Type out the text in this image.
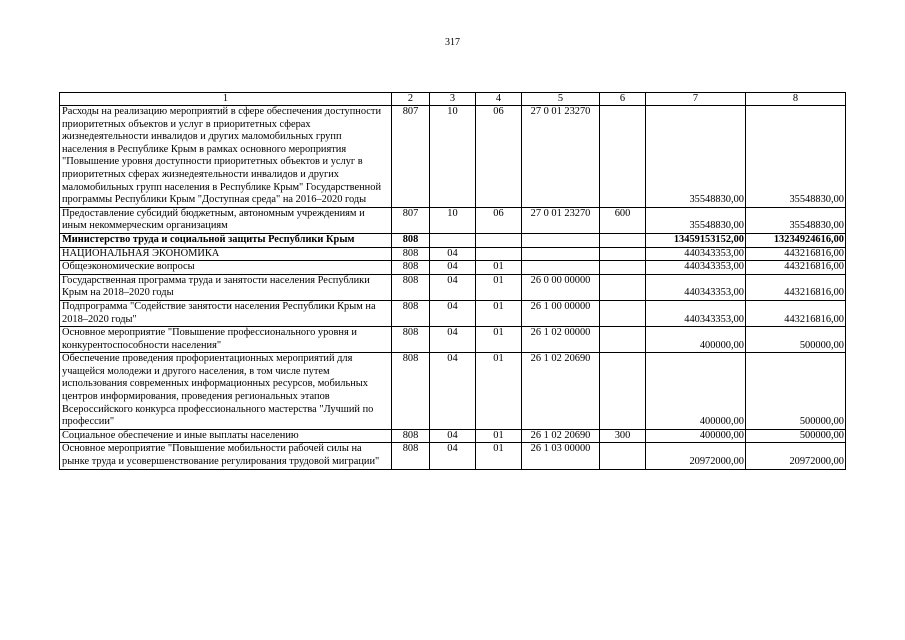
317
1	2	3	4	5	6	7	8
Расходы на реализацию мероприятий в сфере обеспечения доступности приоритетных объектов и услуг в приоритетных сферах жизнедеятельности инвалидов и других маломобильных групп населения в Республике Крым в рамках основного мероприятия "Повышение уровня доступности приоритетных объектов и услуг в приоритетных сферах жизнедеятельности инвалидов и других маломобильных групп населения в Республике Крым" Государственной программы Республики Крым "Доступная среда" на 2016–2020 годы	807	10	06	27 0 01 23270		35548830,00	35548830,00
Предоставление субсидий бюджетным, автономным учреждениям и иным некоммерческим организациям	807	10	06	27 0 01 23270	600	35548830,00	35548830,00
Министерство труда и социальной защиты Республики Крым	808					13459153152,00	13234924616,00
НАЦИОНАЛЬНАЯ ЭКОНОМИКА	808	04				440343353,00	443216816,00
Общеэкономические вопросы	808	04	01			440343353,00	443216816,00
Государственная программа труда и занятости населения Республики Крым на 2018–2020 годы	808	04	01	26 0 00 00000		440343353,00	443216816,00
Подпрограмма "Содействие занятости населения Республики Крым на 2018–2020 годы"	808	04	01	26 1 00 00000		440343353,00	443216816,00
Основное мероприятие "Повышение профессионального уровня и конкурентоспособности населения"	808	04	01	26 1 02 00000		400000,00	500000,00
Обеспечение проведения профориентационных мероприятий для учащейся молодежи и другого населения, в том числе путем использования современных информационных ресурсов, мобильных центров информирования, проведения региональных этапов Всероссийского конкурса профессионального мастерства "Лучший по профессии"	808	04	01	26 1 02 20690		400000,00	500000,00
Социальное обеспечение и иные выплаты населению	808	04	01	26 1 02 20690	300	400000,00	500000,00
Основное мероприятие "Повышение мобильности рабочей силы на рынке труда и усовершенствование регулирования трудовой миграции"	808	04	01	26 1 03 00000		20972000,00	20972000,00
